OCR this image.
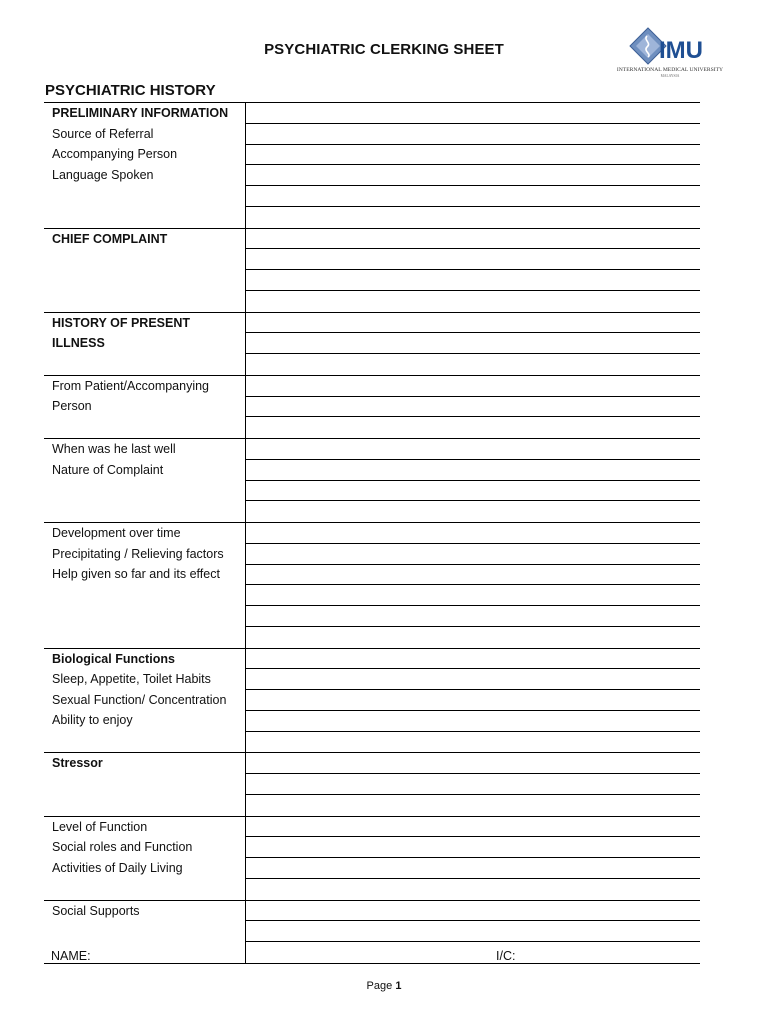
PSYCHIATRIC CLERKING SHEET	IMU
INTERNATIONAL MEDICAL UNIVERSITY
MALAYSIA
PSYCHIATRIC HISTORY
PRELIMINARY INFORMATION
Source of Referral
Accompanying Person
Language Spoken	

CHIEF COMPLAINT	

HISTORY OF PRESENT
ILLNESS	

From Patient/Accompanying
Person	

When was he last well
Nature of Complaint	

Development over time
Precipitating / Relieving factors
Help given so far and its effect	

Biological Functions
Sleep, Appetite, Toilet Habits
Sexual Function/ Concentration
Ability to enjoy	

Stressor	

Level of Function
Social roles and Function
Activities of Daily Living	

Social Supports	

NAME:	I/C:
Page 1
